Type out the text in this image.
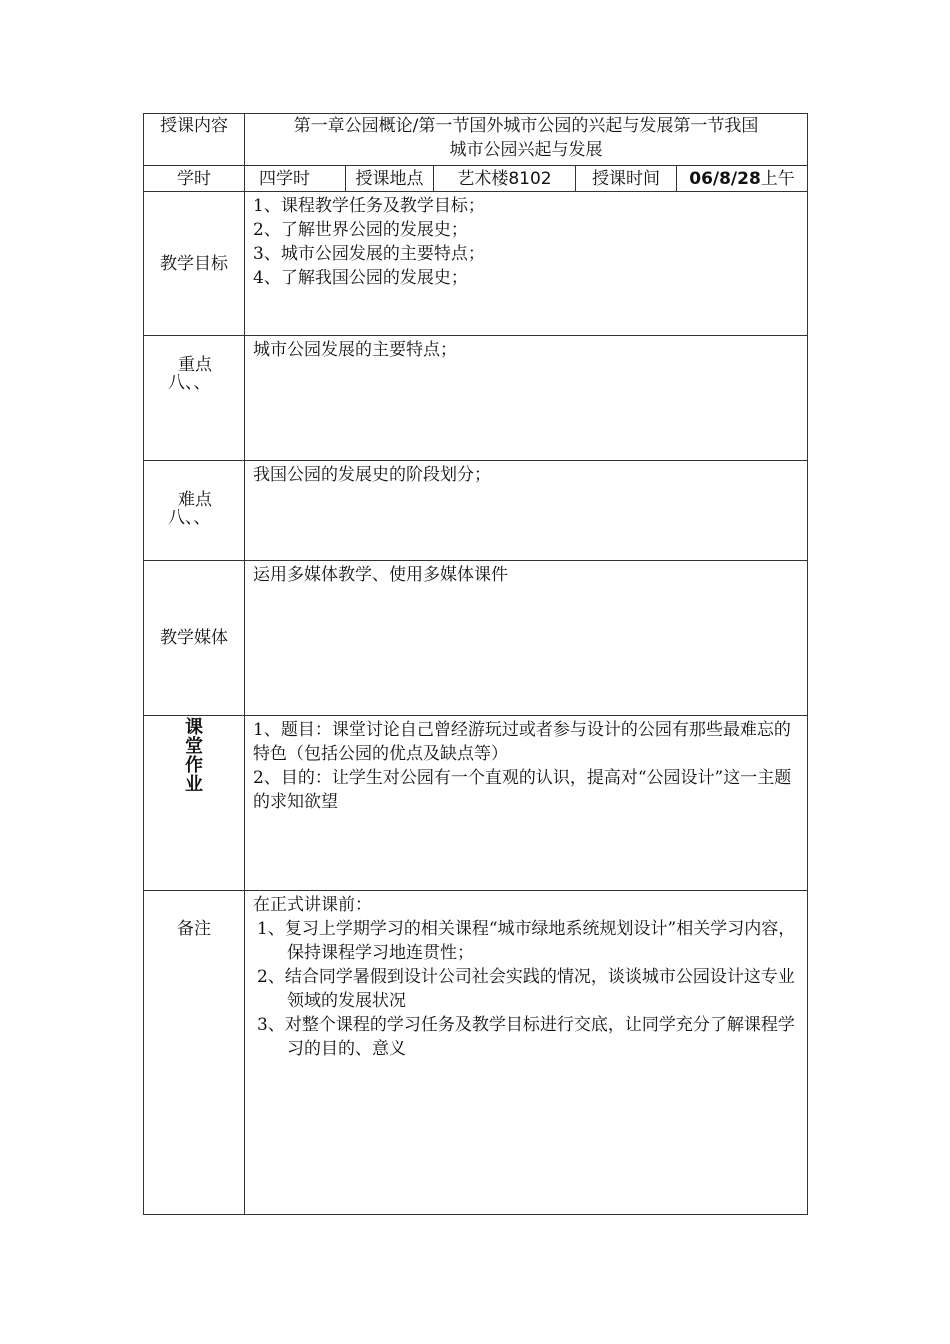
授课内容	第一章公园概论/第一节国外城市公园的兴起与发展第一节我国
城市公园兴起与发展				

学时	四学时	授课地点	艺术楼8102	授课时间	06/8/28上午
教学目标	1、课程教学任务及教学目标；
2、了解世界公园的发展史；
3、城市公园发展的主要特点；
4、了解我国公园的发展史；				

重点
八、、	城市公园发展的主要特点；				

难点
八、、	我国公园的发展史的阶段划分；				

教学媒体	运用多媒体教学、使用多媒体课件				

课堂作业	1、题目：课堂讨论自己曾经游玩过或者参与设计的公园有那些最难忘的特色（包括公园的优点及缺点等）
2、目的：让学生对公园有一个直观的认识，提高对“公园设计”这一主题的求知欲望				

备注	在正式讲课前：
1、复习上学期学习的相关课程“城市绿地系统规划设计”相关学习内容，保持课程学习地连贯性；
2、结合同学暑假到设计公司社会实践的情况，谈谈城市公园设计这专业领域的发展状况
3、对整个课程的学习任务及教学目标进行交底，让同学充分了解课程学习的目的、意义				
